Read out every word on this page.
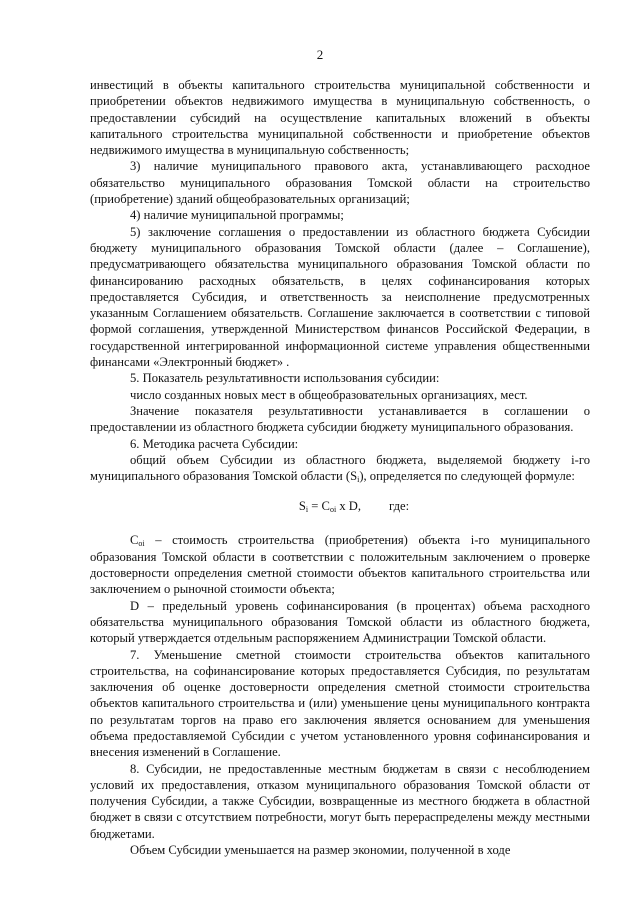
2

инвестиций в объекты капитального строительства муниципальной собственности и приобретении объектов недвижимого имущества в муниципальную собственность, о предоставлении субсидий на осуществление капитальных вложений в объекты капитального строительства муниципальной собственности и приобретение объектов недвижимого имущества в муниципальную собственность;

3) наличие муниципального правового акта, устанавливающего расходное обязательство муниципального образования Томской области на строительство (приобретение) зданий общеобразовательных организаций;

4) наличие муниципальной программы;

5) заключение соглашения о предоставлении из областного бюджета Субсидии бюджету муниципального образования Томской области (далее – Соглашение), предусматривающего обязательства муниципального образования Томской области по финансированию расходных обязательств, в целях софинансирования которых предоставляется Субсидия, и ответственность за неисполнение предусмотренных указанным Соглашением обязательств. Соглашение заключается в соответствии с типовой формой соглашения, утвержденной Министерством финансов Российской Федерации, в государственной интегрированной информационной системе управления общественными финансами «Электронный бюджет» .

5. Показатель результативности использования субсидии:

число созданных новых мест в общеобразовательных организациях, мест.

Значение показателя результативности устанавливается в соглашении о предоставлении из областного бюджета субсидии бюджету муниципального образования.

6. Методика расчета Субсидии:

общий объем Субсидии из областного бюджета, выделяемой бюджету i-го муниципального образования Томской области $(S_i)$, определяется по следующей формуле:

$S_i = C_{oi}$ x D, где:

$C_{oi}$ – стоимость строительства (приобретения) объекта i-го муниципального образования Томской области в соответствии с положительным заключением о проверке достоверности определения сметной стоимости объектов капитального строительства или заключением о рыночной стоимости объекта;

D – предельный уровень софинансирования (в процентах) объема расходного обязательства муниципального образования Томской области из областного бюджета, который утверждается отдельным распоряжением Администрации Томской области.

7. Уменьшение сметной стоимости строительства объектов капитального строительства, на софинансирование которых предоставляется Субсидия, по результатам заключения об оценке достоверности определения сметной стоимости строительства объектов капитального строительства и (или) уменьшение цены муниципального контракта по результатам торгов на право его заключения является основанием для уменьшения объема предоставляемой Субсидии с учетом установленного уровня софинансирования и внесения изменений в Соглашение.

8. Субсидии, не предоставленные местным бюджетам в связи с несоблюдением условий их предоставления, отказом муниципального образования Томской области от получения Субсидии, а также Субсидии, возвращенные из местного бюджета в областной бюджет в связи с отсутствием потребности, могут быть перераспределены между местными бюджетами.

Объем Субсидии уменьшается на размер экономии, полученной в ходе
